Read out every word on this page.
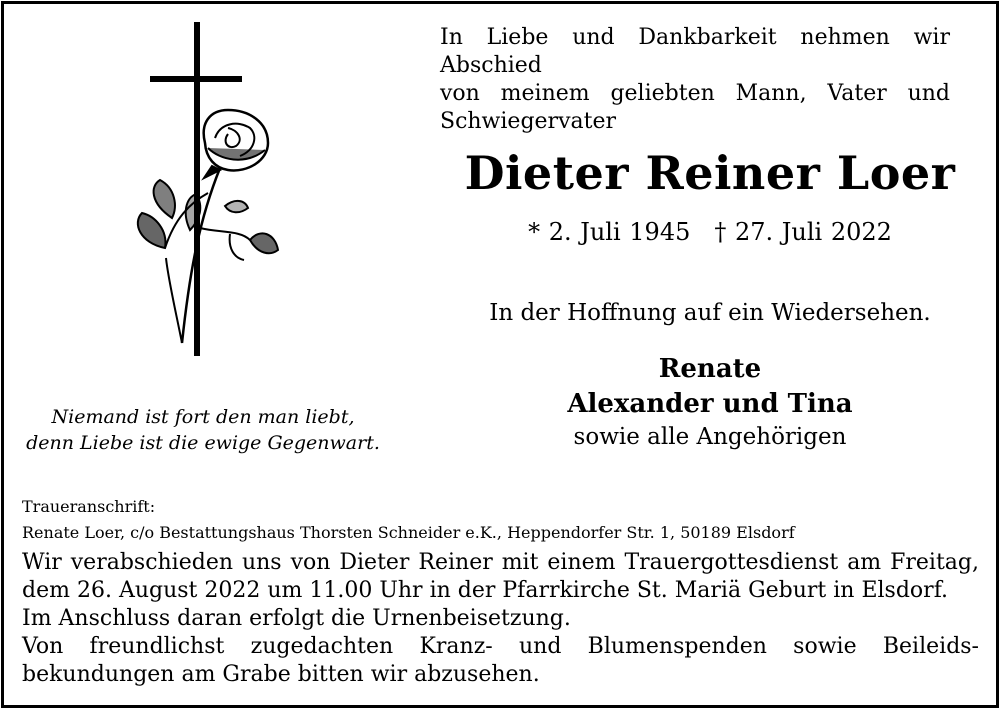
In Liebe und Dankbarkeit nehmen wir Abschied
von meinem geliebten Mann, Vater und
Schwiegervater
Dieter Reiner Loer
* 2. Juli 1945 † 27. Juli 2022
In der Hoffnung auf ein Wiedersehen.
Renate
Alexander und Tina
sowie alle Angehörigen
Niemand ist fort den man liebt,
denn Liebe ist die ewige Gegenwart.
Traueranschrift:
Renate Loer, c/o Bestattungshaus Thorsten Schneider e.K., Heppendorfer Str. 1, 50189 Elsdorf
Wir verabschieden uns von Dieter Reiner mit einem Trauergottesdienst am Freitag,
dem 26. August 2022 um 11.00 Uhr in der Pfarrkirche St. Mariä Geburt in Elsdorf.
Im Anschluss daran erfolgt die Urnenbeisetzung.
Von freundlichst zugedachten Kranz- und Blumenspenden sowie Beileids-
bekundungen am Grabe bitten wir abzusehen.
